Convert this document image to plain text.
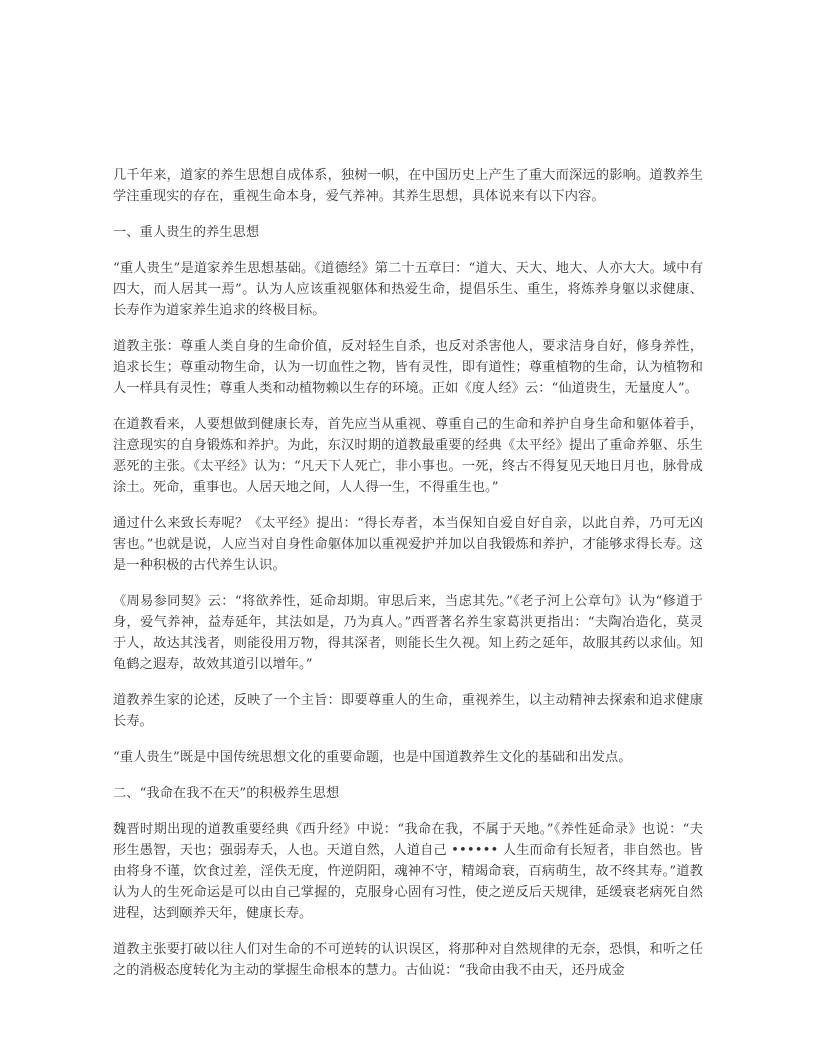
几千年来，道家的养生思想自成体系，独树一帜，在中国历史上产生了重大而深远的影响。道教养生学注重现实的存在，重视生命本身，爱气养神。其养生思想，具体说来有以下内容。

一、重人贵生的养生思想

“重人贵生”是道家养生思想基础。《道德经》第二十五章曰：“道大、天大、地大、人亦大大。域中有四大，而人居其一焉”。认为人应该重视躯体和热爱生命，提倡乐生、重生，将炼养身躯以求健康、长寿作为道家养生追求的终极目标。

道教主张：尊重人类自身的生命价值，反对轻生自杀，也反对杀害他人，要求洁身自好，修身养性，追求长生；尊重动物生命，认为一切血性之物，皆有灵性，即有道性；尊重植物的生命，认为植物和人一样具有灵性；尊重人类和动植物赖以生存的环境。正如《度人经》云：“仙道贵生，无量度人”。

在道教看来，人要想做到健康长寿，首先应当从重视、尊重自己的生命和养护自身生命和躯体着手，注意现实的自身锻炼和养护。为此，东汉时期的道教最重要的经典《太平经》提出了重命养躯、乐生恶死的主张。《太平经》认为：“凡天下人死亡，非小事也。一死，终古不得复见天地日月也，脉骨成涂土。死命，重事也。人居天地之间，人人得一生，不得重生也。”

通过什么来致长寿呢？《太平经》提出：“得长寿者，本当保知自爱自好自亲，以此自养，乃可无凶害也。”也就是说，人应当对自身性命躯体加以重视爱护并加以自我锻炼和养护，才能够求得长寿。这是一种积极的古代养生认识。

《周易参同契》云：“将欲养性，延命却期。审思后来，当虑其先。”《老子河上公章句》认为“修道于身，爱气养神，益寿延年，其法如是，乃为真人。”西晋著名养生家葛洪更指出：“夫陶冶造化，莫灵于人，故达其浅者，则能役用万物，得其深者，则能长生久视。知上药之延年，故服其药以求仙。知龟鹤之遐寿，故效其道引以增年。”

道教养生家的论述，反映了一个主旨：即要尊重人的生命，重视养生，以主动精神去探索和追求健康长寿。

“重人贵生”既是中国传统思想文化的重要命题，也是中国道教养生文化的基础和出发点。

二、“我命在我不在天”的积极养生思想

魏晋时期出现的道教重要经典《西升经》中说：“我命在我，不属于天地。”《养性延命录》也说：“夫形生愚智，天也；强弱寿夭，人也。天道自然，人道自己 •••••• 人生而命有长短者，非自然也。皆由将身不谨，饮食过差，淫佚无度，忤逆阴阳，魂神不守，精竭命衰，百病萌生，故不终其寿。”道教认为人的生死命运是可以由自己掌握的，克服身心固有习性，使之逆反后天规律，延缓衰老病死自然进程，达到颐养天年，健康长寿。

道教主张要打破以往人们对生命的不可逆转的认识误区，将那种对自然规律的无奈，恐惧，和听之任之的消极态度转化为主动的掌握生命根本的慧力。古仙说：“我命由我不由天，还丹成金
